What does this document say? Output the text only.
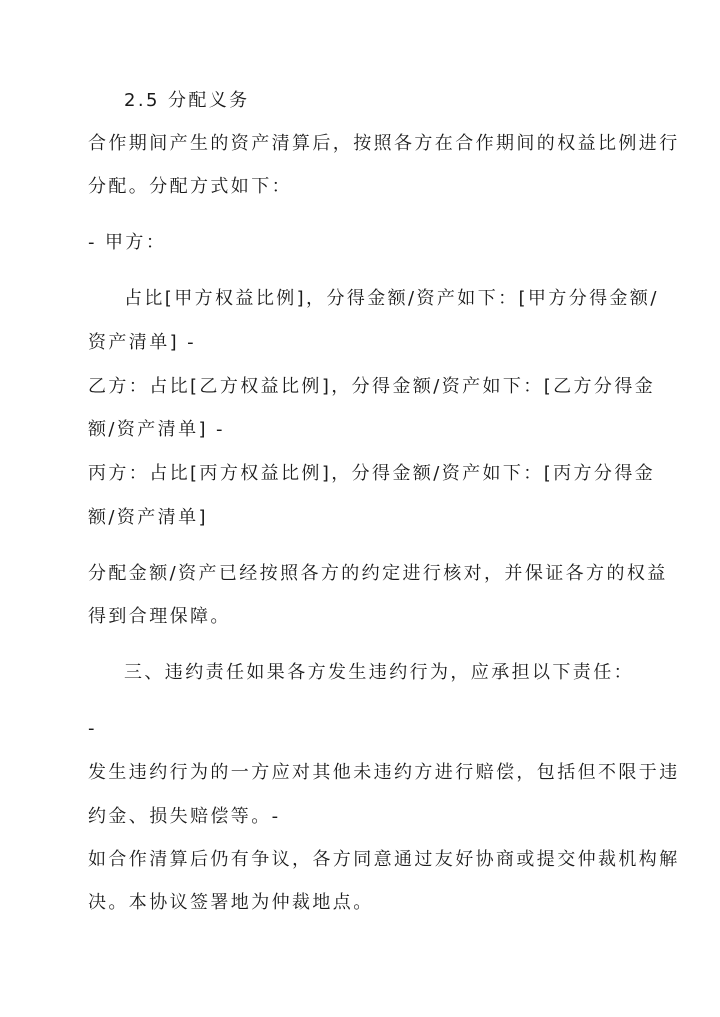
2.5 分配义务
合作期间产生的资产清算后，按照各方在合作期间的权益比例进行
分配。分配方式如下：
- 甲方：
占比[甲方权益比例]，分得金额/资产如下：[甲方分得金额/
资产清单] -
乙方：占比[乙方权益比例]，分得金额/资产如下：[乙方分得金
额/资产清单] -
丙方：占比[丙方权益比例]，分得金额/资产如下：[丙方分得金
额/资产清单]
分配金额/资产已经按照各方的约定进行核对，并保证各方的权益
得到合理保障。
三、违约责任如果各方发生违约行为，应承担以下责任：
-
发生违约行为的一方应对其他未违约方进行赔偿，包括但不限于违
约金、损失赔偿等。-
如合作清算后仍有争议，各方同意通过友好协商或提交仲裁机构解
决。本协议签署地为仲裁地点。
